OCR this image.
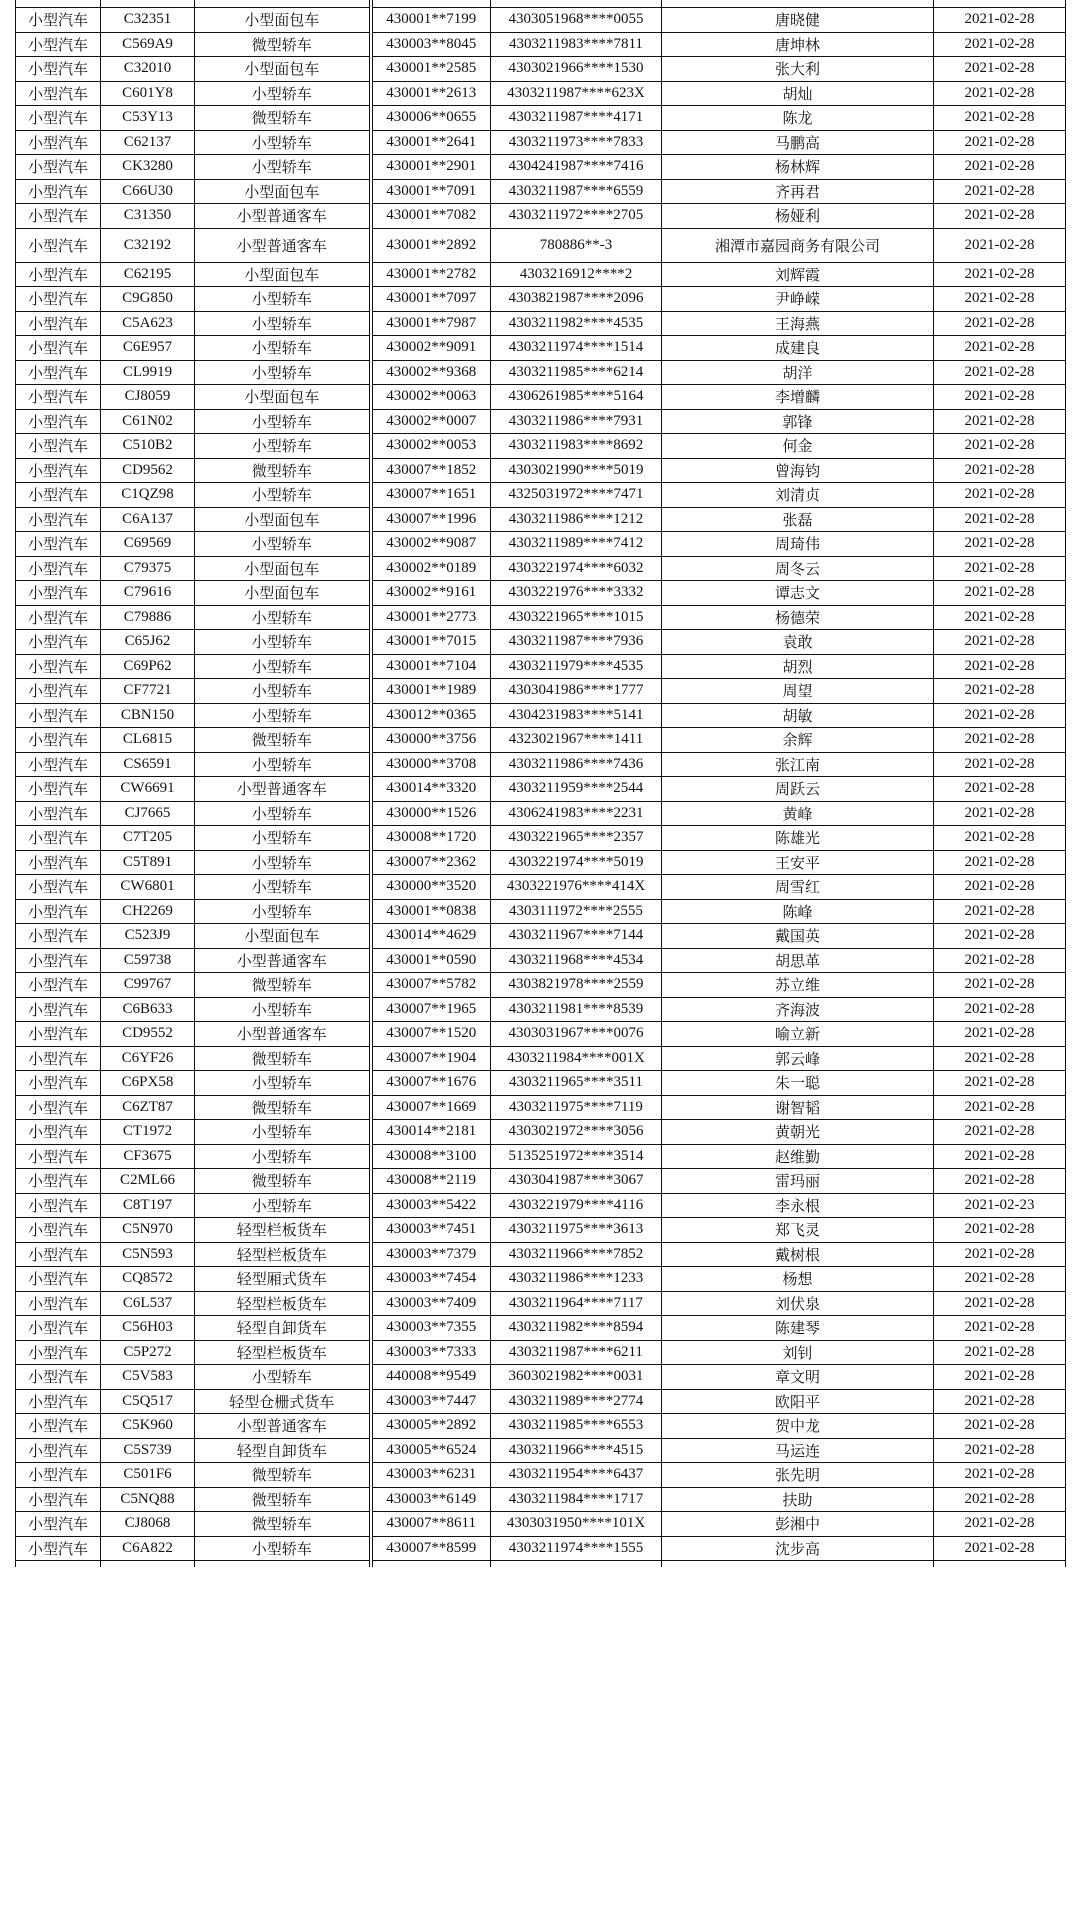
小型汽车	C32351	小型面包车	430001**7199	4303051968****0055	唐晓健	2021-02-28
小型汽车	C569A9	微型轿车	430003**8045	4303211983****7811	唐坤林	2021-02-28
小型汽车	C32010	小型面包车	430001**2585	4303021966****1530	张大利	2021-02-28
小型汽车	C601Y8	小型轿车	430001**2613	4303211987****623X	胡灿	2021-02-28
小型汽车	C53Y13	微型轿车	430006**0655	4303211987****4171	陈龙	2021-02-28
小型汽车	C62137	小型轿车	430001**2641	4303211973****7833	马鹏高	2021-02-28
小型汽车	CK3280	小型轿车	430001**2901	4304241987****7416	杨林辉	2021-02-28
小型汽车	C66U30	小型面包车	430001**7091	4303211987****6559	齐再君	2021-02-28
小型汽车	C31350	小型普通客车	430001**7082	4303211972****2705	杨娅利	2021-02-28
小型汽车	C32192	小型普通客车	430001**2892	780886**-3	湘潭市嘉园商务有限公司	2021-02-28
小型汽车	C62195	小型面包车	430001**2782	4303216912****2	刘辉霞	2021-02-28
小型汽车	C9G850	小型轿车	430001**7097	4303821987****2096	尹峥嵘	2021-02-28
小型汽车	C5A623	小型轿车	430001**7987	4303211982****4535	王海燕	2021-02-28
小型汽车	C6E957	小型轿车	430002**9091	4303211974****1514	成建良	2021-02-28
小型汽车	CL9919	小型轿车	430002**9368	4303211985****6214	胡洋	2021-02-28
小型汽车	CJ8059	小型面包车	430002**0063	4306261985****5164	李增麟	2021-02-28
小型汽车	C61N02	小型轿车	430002**0007	4303211986****7931	郭锋	2021-02-28
小型汽车	C510B2	小型轿车	430002**0053	4303211983****8692	何金	2021-02-28
小型汽车	CD9562	微型轿车	430007**1852	4303021990****5019	曾海钧	2021-02-28
小型汽车	C1QZ98	小型轿车	430007**1651	4325031972****7471	刘清贞	2021-02-28
小型汽车	C6A137	小型面包车	430007**1996	4303211986****1212	张磊	2021-02-28
小型汽车	C69569	小型轿车	430002**9087	4303211989****7412	周琦伟	2021-02-28
小型汽车	C79375	小型面包车	430002**0189	4303221974****6032	周冬云	2021-02-28
小型汽车	C79616	小型面包车	430002**9161	4303221976****3332	谭志文	2021-02-28
小型汽车	C79886	小型轿车	430001**2773	4303221965****1015	杨德荣	2021-02-28
小型汽车	C65J62	小型轿车	430001**7015	4303211987****7936	袁敢	2021-02-28
小型汽车	C69P62	小型轿车	430001**7104	4303211979****4535	胡烈	2021-02-28
小型汽车	CF7721	小型轿车	430001**1989	4303041986****1777	周望	2021-02-28
小型汽车	CBN150	小型轿车	430012**0365	4304231983****5141	胡敏	2021-02-28
小型汽车	CL6815	微型轿车	430000**3756	4323021967****1411	余辉	2021-02-28
小型汽车	CS6591	小型轿车	430000**3708	4303211986****7436	张江南	2021-02-28
小型汽车	CW6691	小型普通客车	430014**3320	4303211959****2544	周跃云	2021-02-28
小型汽车	CJ7665	小型轿车	430000**1526	4306241983****2231	黄峰	2021-02-28
小型汽车	C7T205	小型轿车	430008**1720	4303221965****2357	陈雄光	2021-02-28
小型汽车	C5T891	小型轿车	430007**2362	4303221974****5019	王安平	2021-02-28
小型汽车	CW6801	小型轿车	430000**3520	4303221976****414X	周雪红	2021-02-28
小型汽车	CH2269	小型轿车	430001**0838	4303111972****2555	陈峰	2021-02-28
小型汽车	C523J9	小型面包车	430014**4629	4303211967****7144	戴国英	2021-02-28
小型汽车	C59738	小型普通客车	430001**0590	4303211968****4534	胡思革	2021-02-28
小型汽车	C99767	微型轿车	430007**5782	4303821978****2559	苏立维	2021-02-28
小型汽车	C6B633	小型轿车	430007**1965	4303211981****8539	齐海波	2021-02-28
小型汽车	CD9552	小型普通客车	430007**1520	4303031967****0076	喻立新	2021-02-28
小型汽车	C6YF26	微型轿车	430007**1904	4303211984****001X	郭云峰	2021-02-28
小型汽车	C6PX58	小型轿车	430007**1676	4303211965****3511	朱一聪	2021-02-28
小型汽车	C6ZT87	微型轿车	430007**1669	4303211975****7119	谢智韬	2021-02-28
小型汽车	CT1972	小型轿车	430014**2181	4303021972****3056	黄朝光	2021-02-28
小型汽车	CF3675	小型轿车	430008**3100	5135251972****3514	赵维勤	2021-02-28
小型汽车	C2ML66	微型轿车	430008**2119	4303041987****3067	雷玛丽	2021-02-28
小型汽车	C8T197	小型轿车	430003**5422	4303221979****4116	李永根	2021-02-23
小型汽车	C5N970	轻型栏板货车	430003**7451	4303211975****3613	郑飞灵	2021-02-28
小型汽车	C5N593	轻型栏板货车	430003**7379	4303211966****7852	戴树根	2021-02-28
小型汽车	CQ8572	轻型厢式货车	430003**7454	4303211986****1233	杨想	2021-02-28
小型汽车	C6L537	轻型栏板货车	430003**7409	4303211964****7117	刘伏泉	2021-02-28
小型汽车	C56H03	轻型自卸货车	430003**7355	4303211982****8594	陈建琴	2021-02-28
小型汽车	C5P272	轻型栏板货车	430003**7333	4303211987****6211	刘钊	2021-02-28
小型汽车	C5V583	小型轿车	440008**9549	3603021982****0031	章文明	2021-02-28
小型汽车	C5Q517	轻型仓栅式货车	430003**7447	4303211989****2774	欧阳平	2021-02-28
小型汽车	C5K960	小型普通客车	430005**2892	4303211985****6553	贺中龙	2021-02-28
小型汽车	C5S739	轻型自卸货车	430005**6524	4303211966****4515	马运连	2021-02-28
小型汽车	C501F6	微型轿车	430003**6231	4303211954****6437	张先明	2021-02-28
小型汽车	C5NQ88	微型轿车	430003**6149	4303211984****1717	扶助	2021-02-28
小型汽车	CJ8068	微型轿车	430007**8611	4303031950****101X	彭湘中	2021-02-28
小型汽车	C6A822	小型轿车	430007**8599	4303211974****1555	沈步高	2021-02-28
